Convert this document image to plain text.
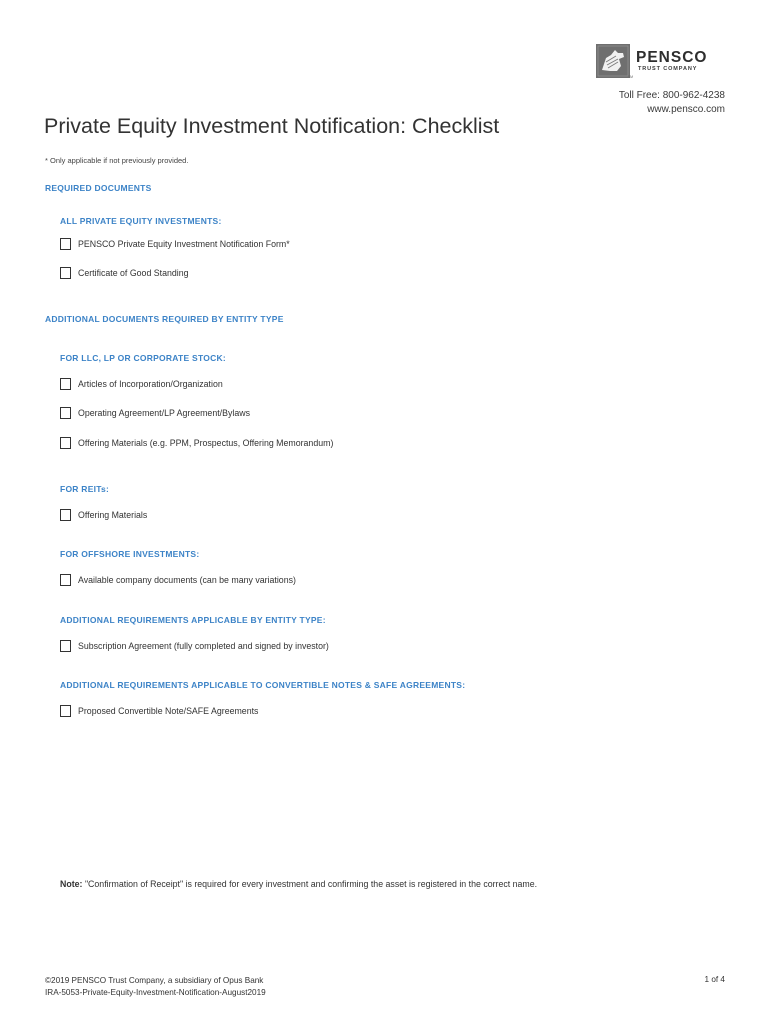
PENSCO
TRUST COMPANY
TM
Toll Free: 800-962-4238
www.pensco.com
Private Equity Investment Notification: Checklist
* Only applicable if not previously provided.
REQUIRED DOCUMENTS
ALL PRIVATE EQUITY INVESTMENTS:
PENSCO Private Equity Investment Notification Form*
Certificate of Good Standing
ADDITIONAL DOCUMENTS REQUIRED BY ENTITY TYPE
FOR LLC, LP OR CORPORATE STOCK:
Articles of Incorporation/Organization
Operating Agreement/LP Agreement/Bylaws
Offering Materials (e.g. PPM, Prospectus, Offering Memorandum)
FOR REITs:
Offering Materials
FOR OFFSHORE INVESTMENTS:
Available company documents (can be many variations)
ADDITIONAL REQUIREMENTS APPLICABLE BY ENTITY TYPE:
Subscription Agreement (fully completed and signed by investor)
ADDITIONAL REQUIREMENTS APPLICABLE TO CONVERTIBLE NOTES & SAFE AGREEMENTS:
Proposed Convertible Note/SAFE Agreements
Note: "Confirmation of Receipt" is required for every investment and confirming the asset is registered in the correct name.
©2019 PENSCO Trust Company, a subsidiary of Opus Bank
IRA-5053-Private-Equity-Investment-Notification-August2019
1 of 4
